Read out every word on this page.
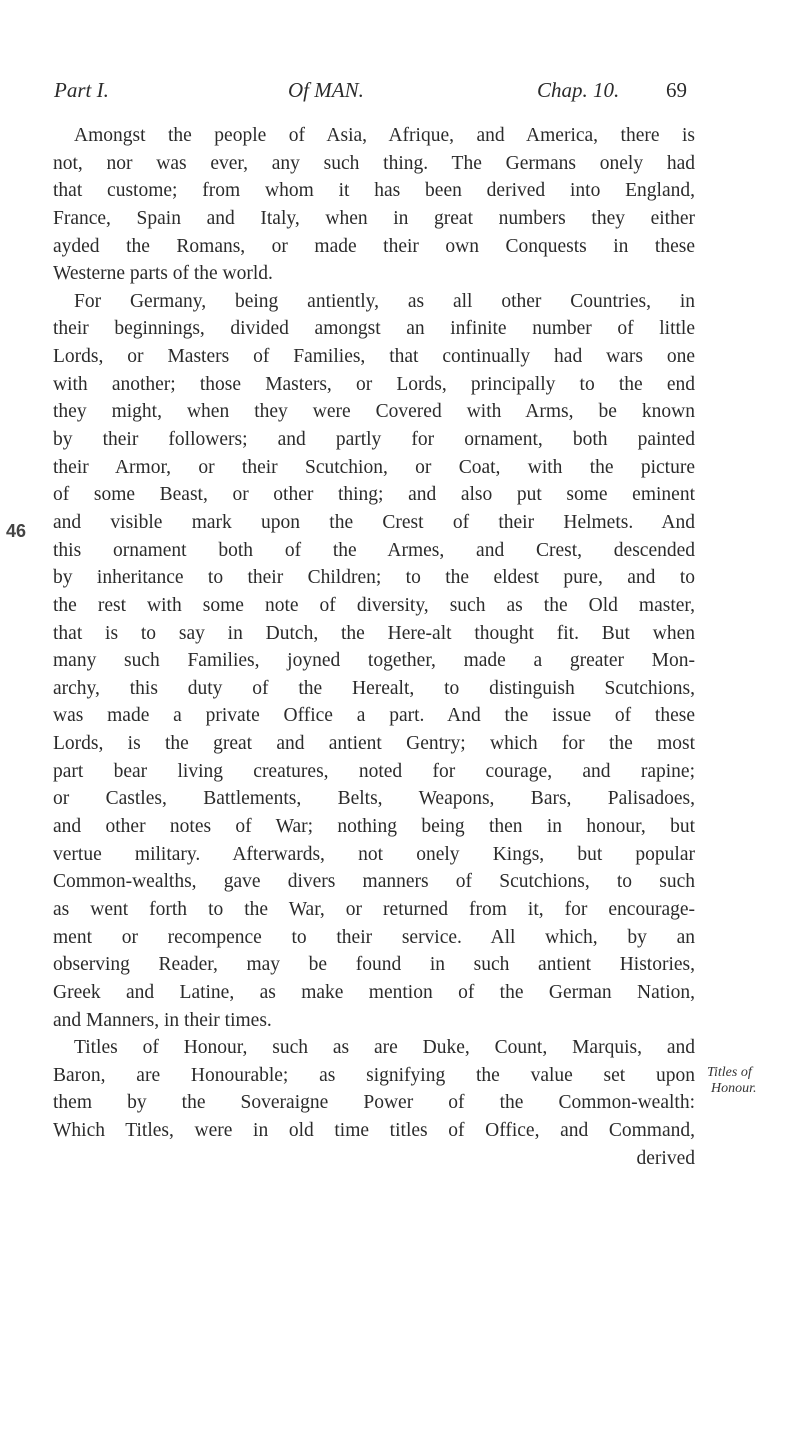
Part I.	Of MAN.	Chap. 10. 69
46
Titles of
Honour.
Amongst the people of Asia, Afrique, and America, there is
not, nor was ever, any such thing. The Germans onely had
that custome; from whom it has been derived into England,
France, Spain and Italy, when in great numbers they either
ayded the Romans, or made their own Conquests in these
Westerne parts of the world.
For Germany, being antiently, as all other Countries, in
their beginnings, divided amongst an infinite number of little
Lords, or Masters of Families, that continually had wars one
with another; those Masters, or Lords, principally to the end
they might, when they were Covered with Arms, be known
by their followers; and partly for ornament, both painted
their Armor, or their Scutchion, or Coat, with the picture
of some Beast, or other thing; and also put some eminent
and visible mark upon the Crest of their Helmets. And
this ornament both of the Armes, and Crest, descended
by inheritance to their Children; to the eldest pure, and to
the rest with some note of diversity, such as the Old master,
that is to say in Dutch, the Here-alt thought fit. But when
many such Families, joyned together, made a greater Mon-
archy, this duty of the Herealt, to distinguish Scutchions,
was made a private Office a part. And the issue of these
Lords, is the great and antient Gentry; which for the most
part bear living creatures, noted for courage, and rapine;
or Castles, Battlements, Belts, Weapons, Bars, Palisadoes,
and other notes of War; nothing being then in honour, but
vertue military. Afterwards, not onely Kings, but popular
Common-wealths, gave divers manners of Scutchions, to such
as went forth to the War, or returned from it, for encourage-
ment or recompence to their service. All which, by an
observing Reader, may be found in such antient Histories,
Greek and Latine, as make mention of the German Nation,
and Manners, in their times.
Titles of Honour, such as are Duke, Count, Marquis, and
Baron, are Honourable; as signifying the value set upon
them by the Soveraigne Power of the Common-wealth:
Which Titles, were in old time titles of Office, and Command,
derived
